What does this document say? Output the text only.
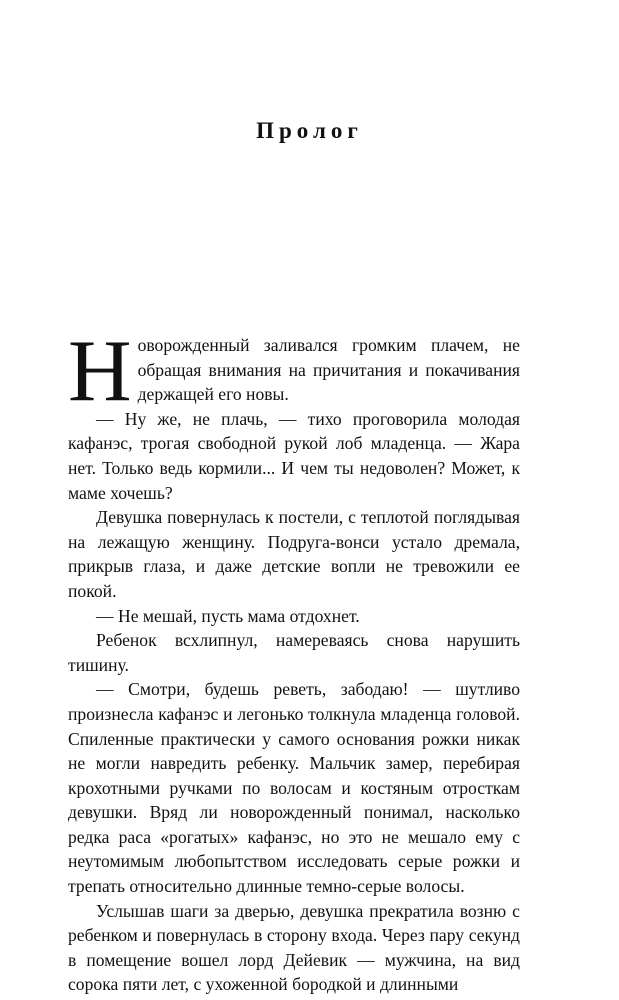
Пролог

Новорожденный заливался громким плачем, не обращая внимания на причитания и покачивания держащей его новы.

— Ну же, не плачь, — тихо проговорила молодая кафанэс, трогая свободной рукой лоб младенца. — Жара нет. Только ведь кормили... И чем ты недоволен? Может, к маме хочешь?

Девушка повернулась к постели, с теплотой поглядывая на лежащую женщину. Подруга-вонси устало дремала, прикрыв глаза, и даже детские вопли не тревожили ее покой.

— Не мешай, пусть мама отдохнет.

Ребенок всхлипнул, намереваясь снова нарушить тишину.

— Смотри, будешь реветь, забодаю! — шутливо произнесла кафанэс и легонько толкнула младенца головой. Спиленные практически у самого основания рожки никак не могли навредить ребенку. Мальчик замер, перебирая крохотными ручками по волосам и костяным отросткам девушки. Вряд ли новорожденный понимал, насколько редка раса «рогатых» кафанэс, но это не мешало ему с неутомимым любопытством исследовать серые рожки и трепать относительно длинные темно-серые волосы.

Услышав шаги за дверью, девушка прекратила возню с ребенком и повернулась в сторону входа. Через пару секунд в помещение вошел лорд Дейевик — мужчина, на вид сорока пяти лет, с ухоженной бородкой и длинными
